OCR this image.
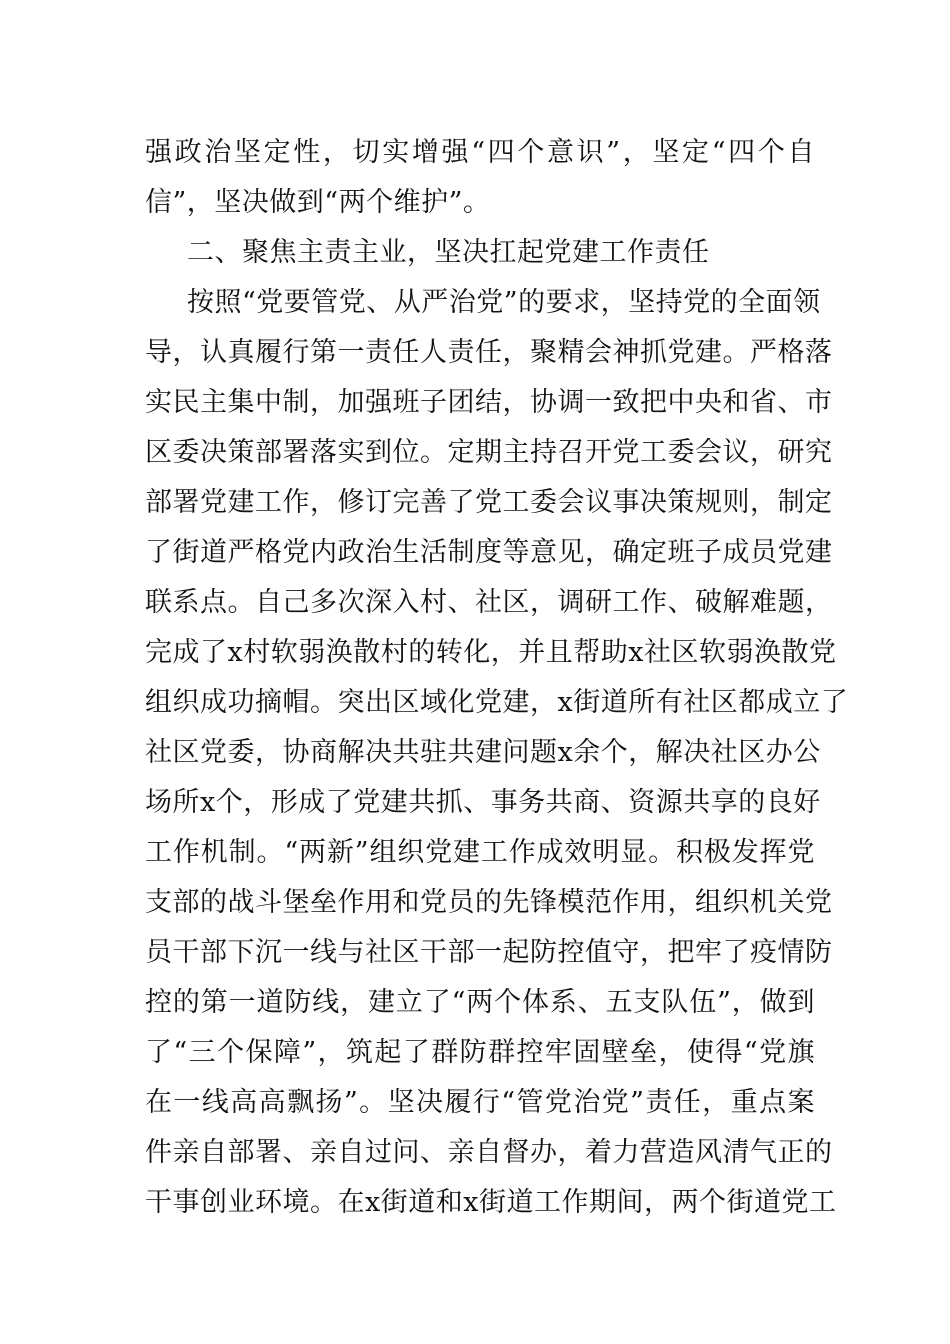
强政治坚定性，切实增强“四个意识”，坚定“四个自
信”，坚决做到“两个维护”。
二、聚焦主责主业，坚决扛起党建工作责任
按照“党要管党、从严治党”的要求，坚持党的全面领
导，认真履行第一责任人责任，聚精会神抓党建。严格落
实民主集中制，加强班子团结，协调一致把中央和省、市
区委决策部署落实到位。定期主持召开党工委会议，研究
部署党建工作，修订完善了党工委会议事决策规则，制定
了街道严格党内政治生活制度等意见，确定班子成员党建
联系点。自己多次深入村、社区，调研工作、破解难题，
完成了x村软弱涣散村的转化，并且帮助x社区软弱涣散党
组织成功摘帽。突出区域化党建，x街道所有社区都成立了
社区党委，协商解决共驻共建问题x余个，解决社区办公
场所x个，形成了党建共抓、事务共商、资源共享的良好
工作机制。“两新”组织党建工作成效明显。积极发挥党
支部的战斗堡垒作用和党员的先锋模范作用，组织机关党
员干部下沉一线与社区干部一起防控值守，把牢了疫情防
控的第一道防线，建立了“两个体系、五支队伍”，做到
了“三个保障”，筑起了群防群控牢固壁垒，使得“党旗
在一线高高飘扬”。坚决履行“管党治党”责任，重点案
件亲自部署、亲自过问、亲自督办，着力营造风清气正的
干事创业环境。在x街道和x街道工作期间，两个街道党工
